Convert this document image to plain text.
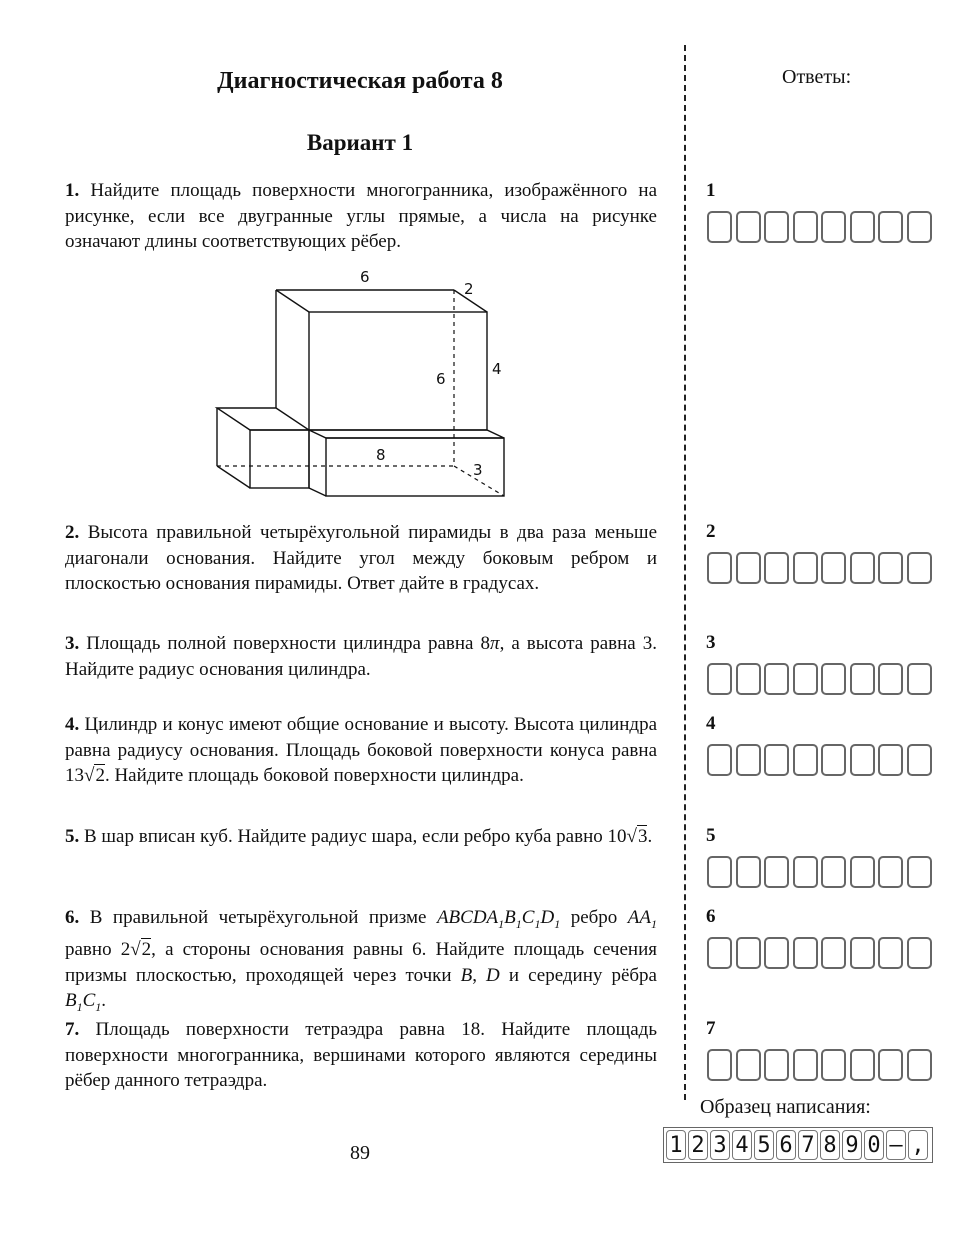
Диагностическая работа 8
Вариант 1
1. Найдите площадь поверхности многогранника, изображённого на рисунке, если все двугранные углы прямые, а числа на рисунке означают длины соответствующих рёбер.
6
2
4
6
8
3
2. Высота правильной четырёхугольной пирамиды в два раза меньше диагонали основания. Найдите угол между боковым ребром и плоскостью основания пирамиды. Ответ дайте в градусах.
3. Площадь полной поверхности цилиндра равна 8π, а высота равна 3. Найдите радиус основания цилиндра.
4. Цилиндр и конус имеют общие основание и высоту. Высота цилиндра равна радиусу основания. Площадь боковой поверхности конуса равна 13√2. Найдите площадь боковой поверхности цилиндра.
5. В шар вписан куб. Найдите радиус шара, если ребро куба равно 10√3.
6. В правильной четырёхугольной призме $ABCDA_1B_1C_1D_1$ ребро $AA_1$ равно 2√2, а стороны основания равны 6. Найдите площадь сечения призмы плоскостью, проходящей через точки B, D и середину рёбра $B_1C_1$.
7. Площадь поверхности тетраэдра равна 18. Найдите площадь поверхности многогранника, вершинами которого являются середины рёбер данного тетраэдра.
89
Ответы:
1
2
3
4
5
6
7
Образец написания:
1 2 3 4 5 6 7 8 9 0 – ,
